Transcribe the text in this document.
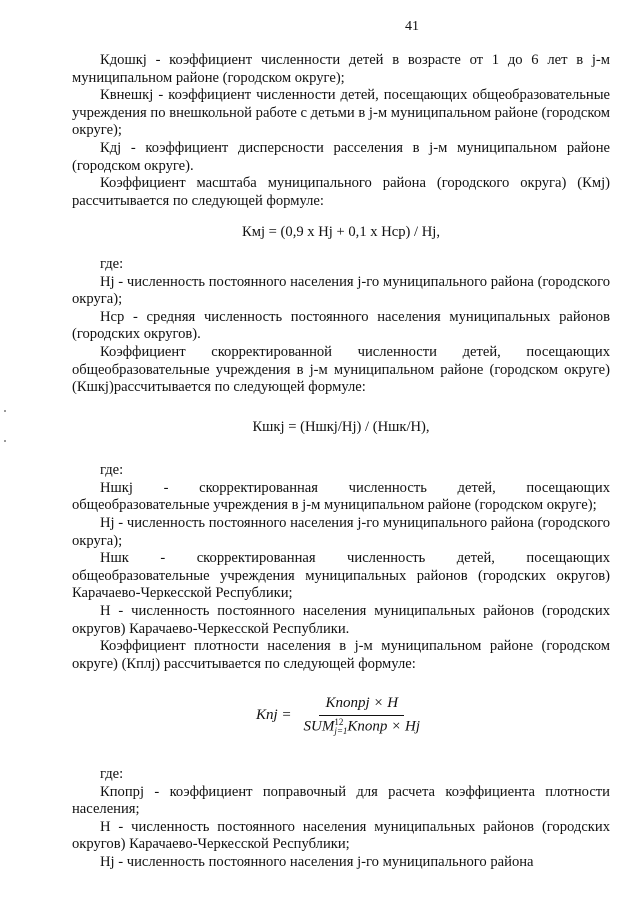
41

Кдошкj - коэффициент численности детей в возрасте от 1 до 6 лет в j-м муниципальном районе (городском округе);

Квнешкj - коэффициент численности детей, посещающих общеобразовательные учреждения по внешкольной работе с детьми в j-м муниципальном районе (городском округе);

Кдj - коэффициент дисперсности расселения в j-м муниципальном районе (городском округе).

Коэффициент масштаба муниципального района (городского округа) (Кмj) рассчитывается по следующей формуле:

Кмj = (0,9 х Нj + 0,1 х Нср) / Нj,

где:

Нj - численность постоянного населения j-го муниципального района (городского округа);

Нср - средняя численность постоянного населения муниципальных районов (городских округов).

Коэффициент скорректированной численности детей, посещающих общеобразовательные учреждения в j-м муниципальном районе (городском округе) (Кшкj)рассчитывается по следующей формуле:

Кшкj = (Ншкj/Нj) / (Ншк/Н),

где:

Ншкj - скорректированная численность детей, посещающих общеобразовательные учреждения в j-м муниципальном районе (городском округе);

Нj - численность постоянного населения j-го муниципального района (городского округа);

Ншк - скорректированная численность детей, посещающих общеобразовательные учреждения муниципальных районов (городских округов) Карачаево-Черкесской Республики;

Н - численность постоянного населения муниципальных районов (городских округов) Карачаево-Черкесской Республики.

Коэффициент плотности населения в j-м муниципальном районе (городском округе) (Кплj) рассчитывается по следующей формуле:

Knj = Kпoпpj × H
SUM 12
j=1 Kпoпp × Hj

где:

Кпопрj - коэффициент поправочный для расчета коэффициента плотности населения;

Н - численность постоянного населения муниципальных районов (городских округов) Карачаево-Черкесской Республики;

Нj - численность постоянного населения j-го муниципального района
